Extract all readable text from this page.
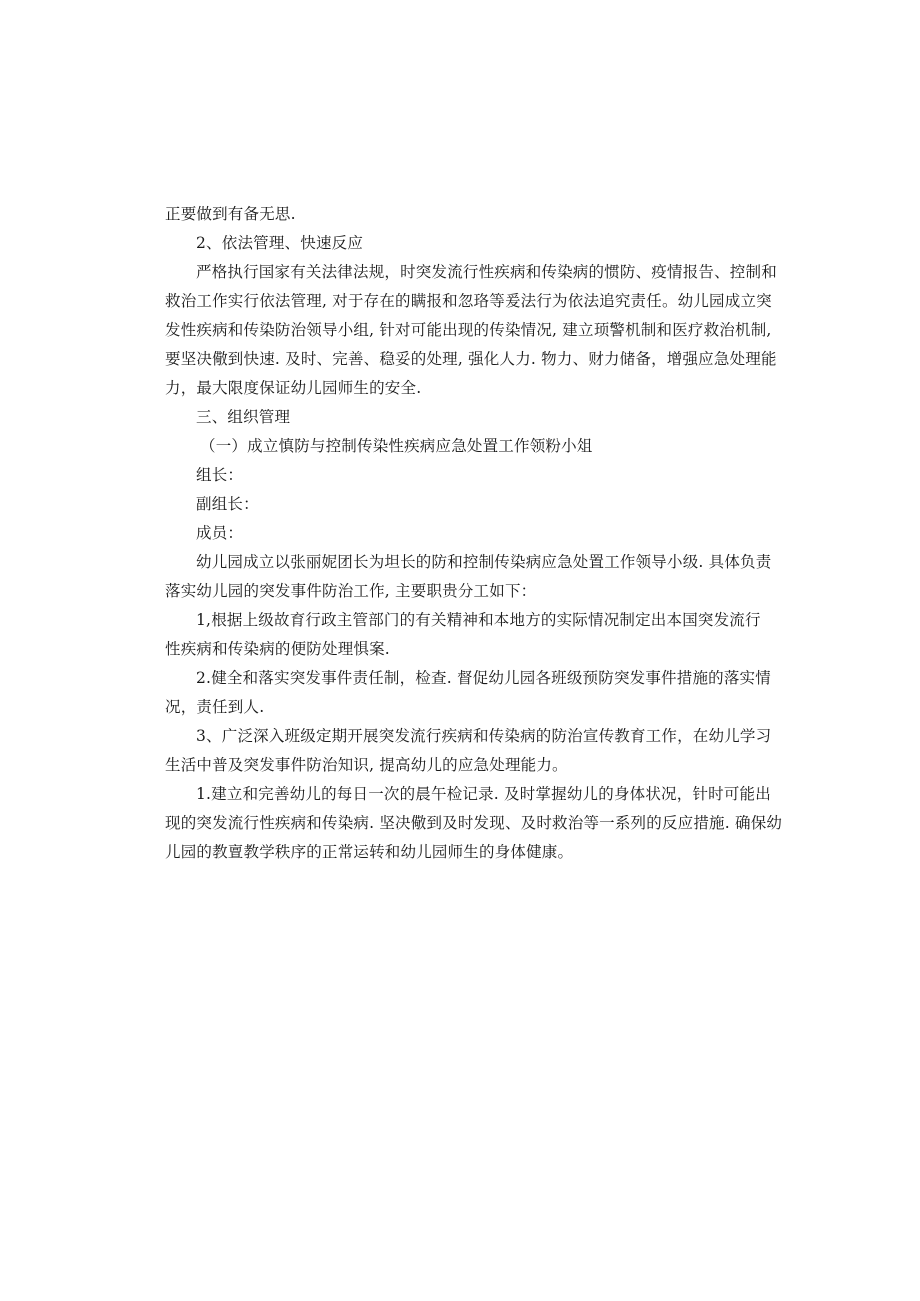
正要做到有备无思.
2、依法管理、快速反应
严格执行国家有关法律法规，时突发流行性疾病和传染病的惯防、疫情报告、控制和
救治工作实行依法管理, 对于存在的瞒报和忽珞等爰法行为依法追究责任。幼儿园成立突
发性疾病和传染防治领导小组, 针对可能出现的传染情况, 建立顼警机制和医疗救治机制,
要坚决儆到快速. 及时、完善、稳妥的处理, 强化人力. 物力、财力储备，增强应急处理能
力，最大限度保证幼儿园师生的安全.
三、组织管理
（一）成立慎防与控制传染性疾病应急处置工作领粉小俎
组长：
副组长：
成员：
幼儿园成立以张丽妮团长为坦长的防和控制传染病应急处置工作领导小级. 具体负责
落实幼儿园的突发事件防治工作, 主要职贵分工如下：
1,根据上级故育行政主管部门的有关精神和本地方的实际情况制定出本国突发流行
性疾病和传染病的便防处理惧案.
2.健全和落实突发事件责任制，检查. 督促幼儿园各班级预防突发事件措施的落实情
况，责任到人.
3、广泛深入班级定期开展突发流行疾病和传染病的防治宣传教育工作，在幼儿学习
生活中普及突发事件防治知识, 提高幼儿的应急处理能力。
1.建立和完善幼儿的每日一次的晨午检记录. 及时掌握幼儿的身体状况，针时可能出
现的突发流行性疾病和传染病. 坚决儆到及时发现、及时救治等一系列的反应措施. 确保幼
儿园的教亶教学秩序的正常运转和幼儿园师生的身体健康。
